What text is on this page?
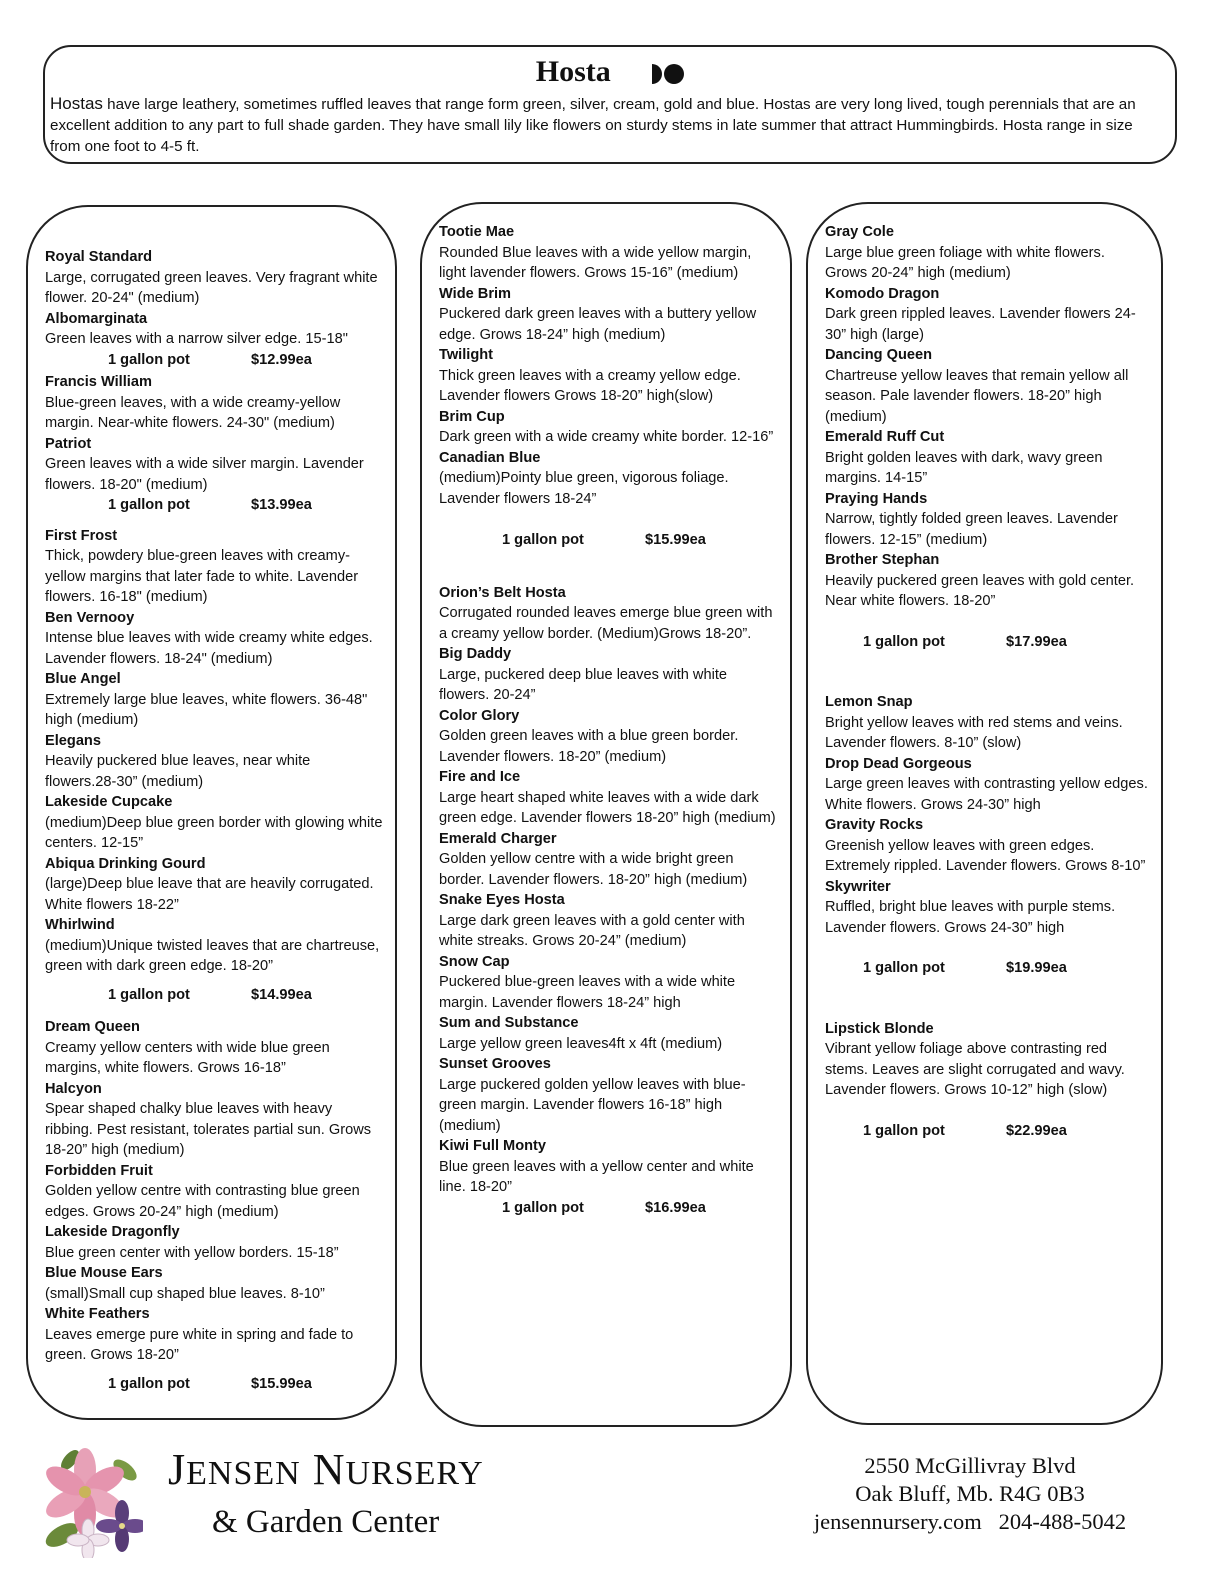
Hosta
Hostas have large leathery, sometimes ruffled leaves that range form green, silver, cream, gold and blue. Hostas are very long lived, tough perennials that are an excellent addition to any part to full shade garden. They have small lily like flowers on sturdy stems in late summer that attract Hummingbirds. Hosta range in size from one foot to 4-5 ft.
Royal Standard
Large, corrugated green leaves. Very fragrant white flower. 20-24" (medium)
Albomarginata
Green leaves with a narrow silver edge. 15-18"
1 gallon pot	$12.99ea
Francis William
Blue-green leaves, with a wide creamy-yellow margin. Near-white flowers. 24-30" (medium)
Patriot
Green leaves with a wide silver margin. Lavender flowers. 18-20" (medium)
1 gallon pot	$13.99ea
First Frost
Thick, powdery blue-green leaves with creamy-yellow margins that later fade to white. Lavender flowers. 16-18" (medium)
Ben Vernooy
Intense blue leaves with wide creamy white edges. Lavender flowers. 18-24" (medium)
Blue Angel
Extremely large blue leaves, white flowers. 36-48" high (medium)
Elegans
Heavily puckered blue leaves, near white flowers.28-30” (medium)
Lakeside Cupcake
(medium)Deep blue green border with glowing white centers. 12-15”
Abiqua Drinking Gourd
(large)Deep blue leave that are heavily corrugated. White flowers 18-22”
Whirlwind
(medium)Unique twisted leaves that are chartreuse, green with dark green edge. 18-20”
1 gallon pot	$14.99ea
Dream Queen
Creamy yellow centers with wide blue green margins, white flowers. Grows 16-18”
Halcyon
Spear shaped chalky blue leaves with heavy ribbing. Pest resistant, tolerates partial sun. Grows 18-20” high (medium)
Forbidden Fruit
Golden yellow centre with contrasting blue green edges. Grows 20-24” high (medium)
Lakeside Dragonfly
Blue green center with yellow borders. 15-18”
Blue Mouse Ears
(small)Small cup shaped blue leaves. 8-10”
White Feathers
Leaves emerge pure white in spring and fade to green. Grows 18-20”
1 gallon pot	$15.99ea
Tootie Mae
Rounded Blue leaves with a wide yellow margin, light lavender flowers. Grows 15-16” (medium)
Wide Brim
Puckered dark green leaves with a buttery yellow edge. Grows 18-24” high (medium)
Twilight
Thick green leaves with a creamy yellow edge. Lavender flowers Grows 18-20” high(slow)
Brim Cup
Dark green with a wide creamy white border. 12-16”
Canadian Blue
(medium)Pointy blue green, vigorous foliage. Lavender flowers 18-24”
1 gallon pot	$15.99ea
Orion’s Belt Hosta
Corrugated rounded leaves emerge blue green with a creamy yellow border. (Medium)Grows 18-20”.
Big Daddy
Large, puckered deep blue leaves with white flowers. 20-24”
Color Glory
Golden green leaves with a blue green border. Lavender flowers. 18-20” (medium)
Fire and Ice
Large heart shaped white leaves with a wide dark green edge. Lavender flowers 18-20” high (medium)
Emerald Charger
Golden yellow centre with a wide bright green border. Lavender flowers. 18-20” high (medium)
Snake Eyes Hosta
Large dark green leaves with a gold center with white streaks. Grows 20-24” (medium)
Snow Cap
Puckered blue-green leaves with a wide white margin. Lavender flowers 18-24” high
Sum and Substance
Large yellow green leaves4ft x 4ft (medium)
Sunset Grooves
Large puckered golden yellow leaves with blue-green margin. Lavender flowers 16-18” high (medium)
Kiwi Full Monty
Blue green leaves with a yellow center and white line. 18-20”
1 gallon pot	$16.99ea
Gray Cole
Large blue green foliage with white flowers. Grows 20-24” high (medium)
Komodo Dragon
Dark green rippled leaves. Lavender flowers 24-30” high (large)
Dancing Queen
Chartreuse yellow leaves that remain yellow all season. Pale lavender flowers. 18-20” high (medium)
Emerald Ruff Cut
Bright golden leaves with dark, wavy green margins. 14-15”
Praying Hands
Narrow, tightly folded green leaves. Lavender flowers. 12-15” (medium)
Brother Stephan
Heavily puckered green leaves with gold center. Near white flowers. 18-20”
1 gallon pot	$17.99ea
Lemon Snap
Bright yellow leaves with red stems and veins. Lavender flowers. 8-10” (slow)
Drop Dead Gorgeous
Large green leaves with contrasting yellow edges. White flowers. Grows 24-30” high
Gravity Rocks
Greenish yellow leaves with green edges. Extremely rippled. Lavender flowers. Grows 8-10”
Skywriter
Ruffled, bright blue leaves with purple stems. Lavender flowers. Grows 24-30” high
1 gallon pot	$19.99ea
Lipstick Blonde
Vibrant yellow foliage above contrasting red stems. Leaves are slight corrugated and wavy. Lavender flowers. Grows 10-12” high (slow)
1 gallon pot	$22.99ea
JENSEN NURSERY
& Garden Center
2550 McGillivray Blvd
Oak Bluff, Mb. R4G 0B3
jensennursery.com 204-488-5042
